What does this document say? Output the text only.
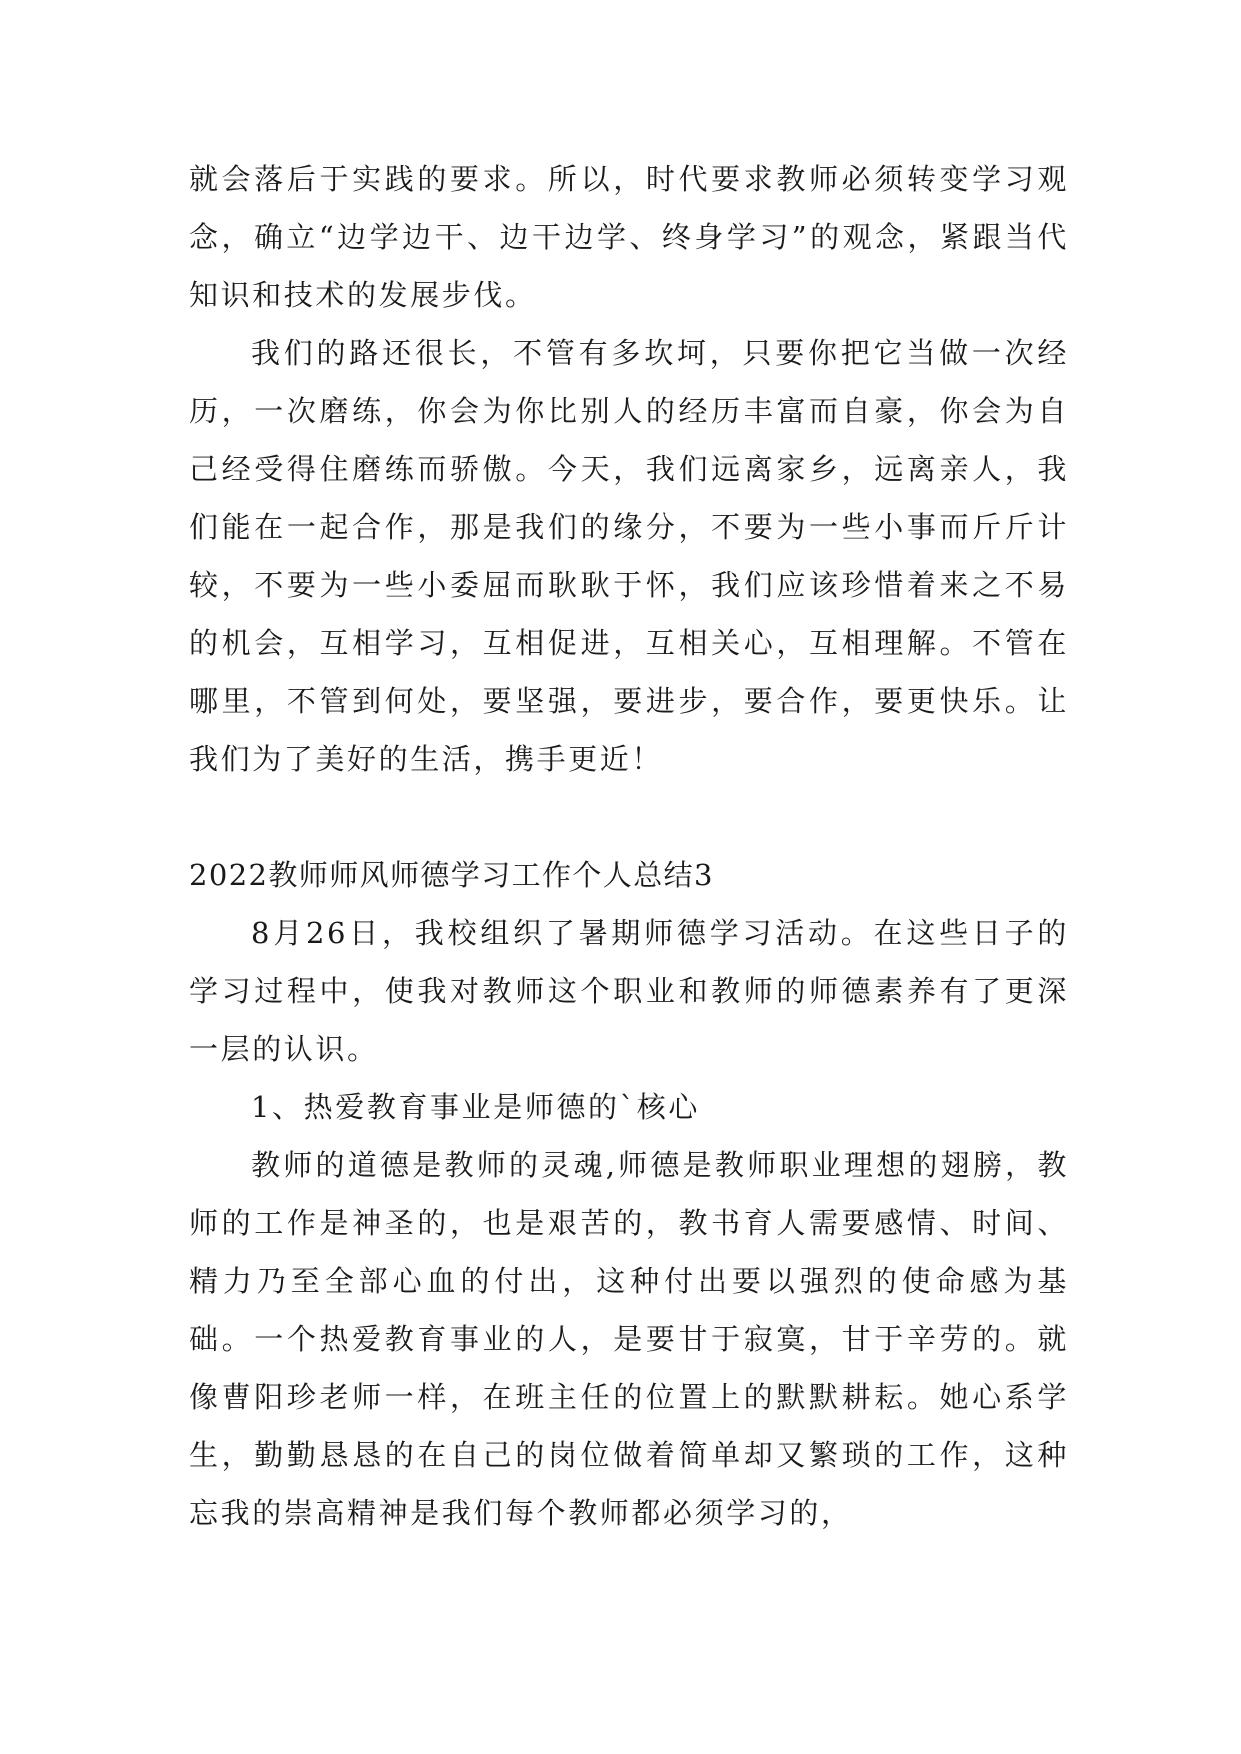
就会落后于实践的要求。所以，时代要求教师必须转变学习观念，确立“边学边干、边干边学、终身学习”的观念，紧跟当代知识和技术的发展步伐。

我们的路还很长，不管有多坎坷，只要你把它当做一次经历，一次磨练，你会为你比别人的经历丰富而自豪，你会为自己经受得住磨练而骄傲。今天，我们远离家乡，远离亲人，我们能在一起合作，那是我们的缘分，不要为一些小事而斤斤计较，不要为一些小委屈而耿耿于怀，我们应该珍惜着来之不易的机会，互相学习，互相促进，互相关心，互相理解。不管在哪里，不管到何处，要坚强，要进步，要合作，要更快乐。让我们为了美好的生活，携手更近！

2022教师师风师德学习工作个人总结3

8月26日，我校组织了暑期师德学习活动。在这些日子的学习过程中，使我对教师这个职业和教师的师德素养有了更深一层的认识。

1、热爱教育事业是师德的`核心

教师的道德是教师的灵魂,师德是教师职业理想的翅膀，教师的工作是神圣的，也是艰苦的，教书育人需要感情、时间、精力乃至全部心血的付出，这种付出要以强烈的使命感为基础。一个热爱教育事业的人，是要甘于寂寞，甘于辛劳的。就像曹阳珍老师一样，在班主任的位置上的默默耕耘。她心系学生，勤勤恳恳的在自己的岗位做着简单却又繁琐的工作，这种忘我的崇高精神是我们每个教师都必须学习的，
